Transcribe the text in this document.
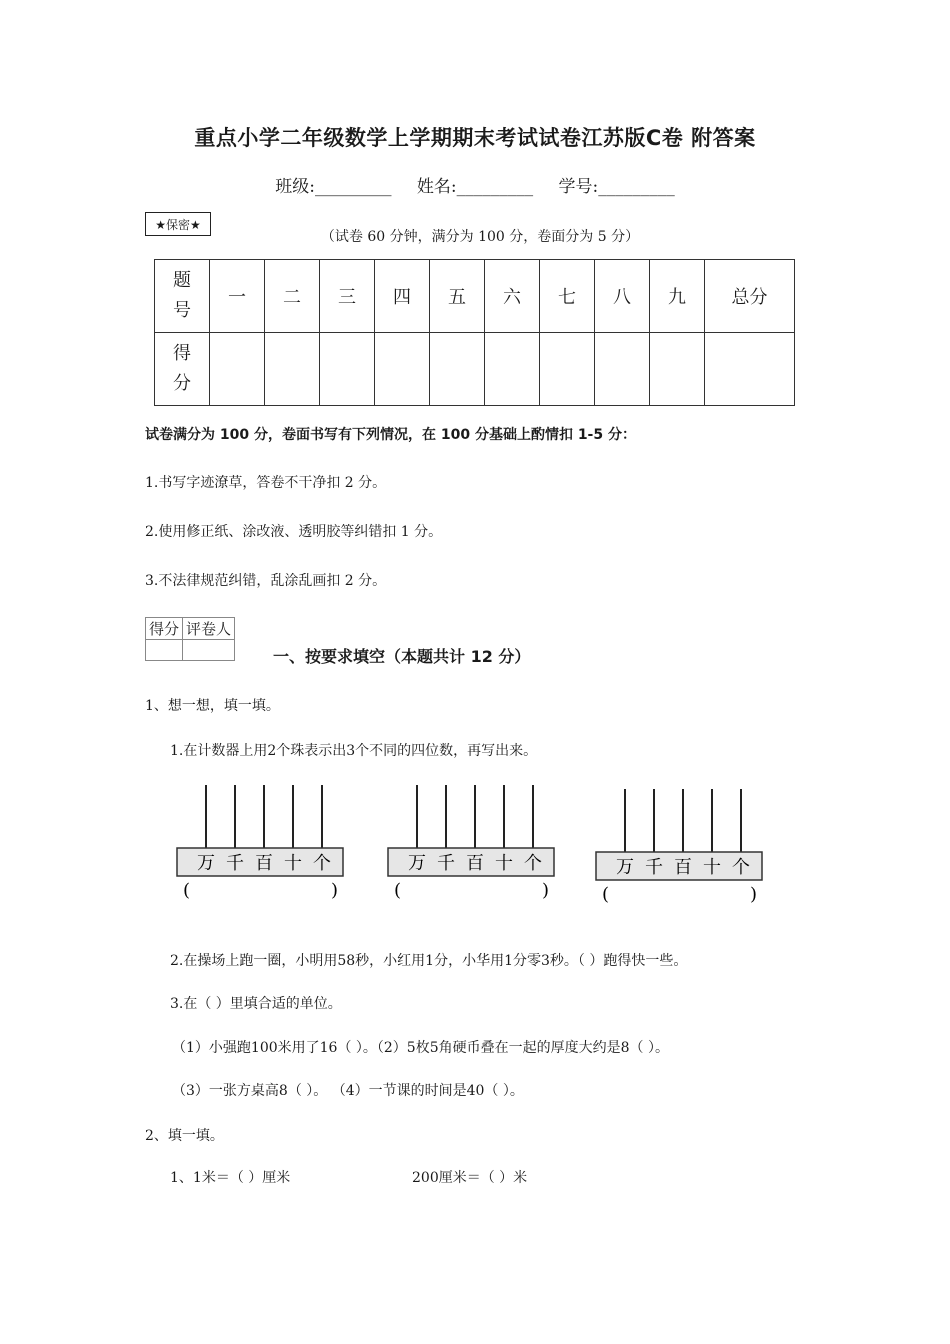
重点小学二年级数学上学期期末考试试卷江苏版C卷 附答案
班级:_________ 姓名:_________ 学号:_________
★保密★
（试卷 60 分钟，满分为 100 分，卷面分为 5 分）
题
号	一	二	三	四	五	六	七	八	九	总分

得
分										

试卷满分为 100 分，卷面书写有下列情况，在 100 分基础上酌情扣 1-5 分：
1.书写字迹潦草，答卷不干净扣 2 分。
2.使用修正纸、涂改液、透明胶等纠错扣 1 分。
3.不法律规范纠错，乱涂乱画扣 2 分。
得分	评卷人

一、按要求填空（本题共计 12 分）
1、想一想，填一填。
1.在计数器上用2个珠表示出3个不同的四位数，再写出来。
万 千 百 十 个
(	)
万 千 百 十 个
(	)
万 千 百 十 个
(	)
2.在操场上跑一圈，小明用58秒，小红用1分，小华用1分零3秒。（ ）跑得快一些。
3.在（ ）里填合适的单位。
（1）小强跑100米用了16（ ）。（2）5枚5角硬币叠在一起的厚度大约是8（ ）。
（3）一张方桌高8（ ）。 （4）一节课的时间是40（ ）。
2、填一填。
1、1米＝（ ）厘米	200厘米＝（ ）米
